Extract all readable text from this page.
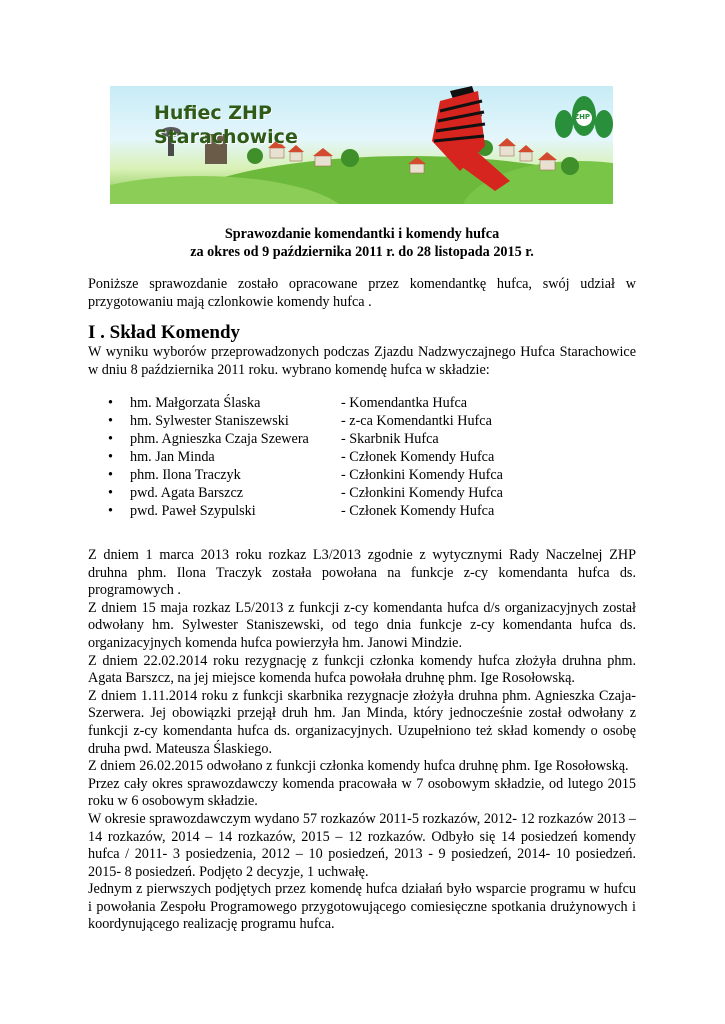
Hufiec ZHP
Starachowice
ZHP
Sprawozdanie komendantki i komendy hufca
za okres od 9 października 2011 r. do 28 listopada 2015 r.
Poniższe sprawozdanie zostało opracowane przez komendantkę hufca, swój udział w przygotowaniu mają czlonkowie komendy hufca .
I . Skład Komendy
W wyniku wyborów przeprowadzonych podczas Zjazdu Nadzwyczajnego Hufca Starachowice w dniu 8 października 2011 roku. wybrano komendę hufca w składzie:
• hm. Małgorzata Ślaska	- Komendantka Hufca
• hm. Sylwester Staniszewski	- z-ca Komendantki Hufca
• phm. Agnieszka Czaja Szewera - Skarbnik Hufca
• hm. Jan Minda	- Członek Komendy Hufca
• phm. Ilona Traczyk	- Członkini Komendy Hufca
• pwd. Agata Barszcz	- Członkini Komendy Hufca
• pwd. Paweł Szypulski	- Członek Komendy Hufca

Z dniem 1 marca 2013 roku rozkaz L3/2013 zgodnie z wytycznymi Rady Naczelnej ZHP druhna phm. Ilona Traczyk została powołana na funkcje z-cy komendanta hufca ds. programowych .

Z dniem 15 maja rozkaz L5/2013 z funkcji z-cy komendanta hufca d/s organizacyjnych został odwołany hm. Sylwester Staniszewski, od tego dnia funkcje z-cy komendanta hufca ds. organizacyjnych komenda hufca powierzyła hm. Janowi Mindzie.

Z dniem 22.02.2014 roku rezygnację z funkcji członka komendy hufca złożyła druhna phm. Agata Barszcz, na jej miejsce komenda hufca powołała druhnę phm. Ige Rosołowską.

Z dniem 1.11.2014 roku z funkcji skarbnika rezygnacje złożyła druhna phm. Agnieszka Czaja-Szerwera. Jej obowiązki przejął druh hm. Jan Minda, który jednocześnie został odwołany z funkcji z-cy komendanta hufca ds. organizacyjnych. Uzupełniono też skład komendy o osobę druha pwd. Mateusza Ślaskiego.

Z dniem 26.02.2015 odwołano z funkcji członka komendy hufca druhnę phm. Ige Rosołowską.

Przez cały okres sprawozdawczy komenda pracowała w 7 osobowym składzie, od lutego 2015 roku w 6 osobowym składzie.

W okresie sprawozdawczym wydano 57 rozkazów 2011-5 rozkazów, 2012- 12 rozkazów 2013 – 14 rozkazów, 2014 – 14 rozkazów, 2015 – 12 rozkazów. Odbyło się 14 posiedzeń komendy hufca / 2011- 3 posiedzenia, 2012 – 10 posiedzeń, 2013 - 9 posiedzeń, 2014- 10 posiedzeń. 2015- 8 posiedzeń. Podjęto 2 decyzje, 1 uchwałę.

Jednym z pierwszych podjętych przez komendę hufca działań było wsparcie programu w hufcu i powołania Zespołu Programowego przygotowującego comiesięczne spotkania drużynowych i koordynującego realizację programu hufca.
